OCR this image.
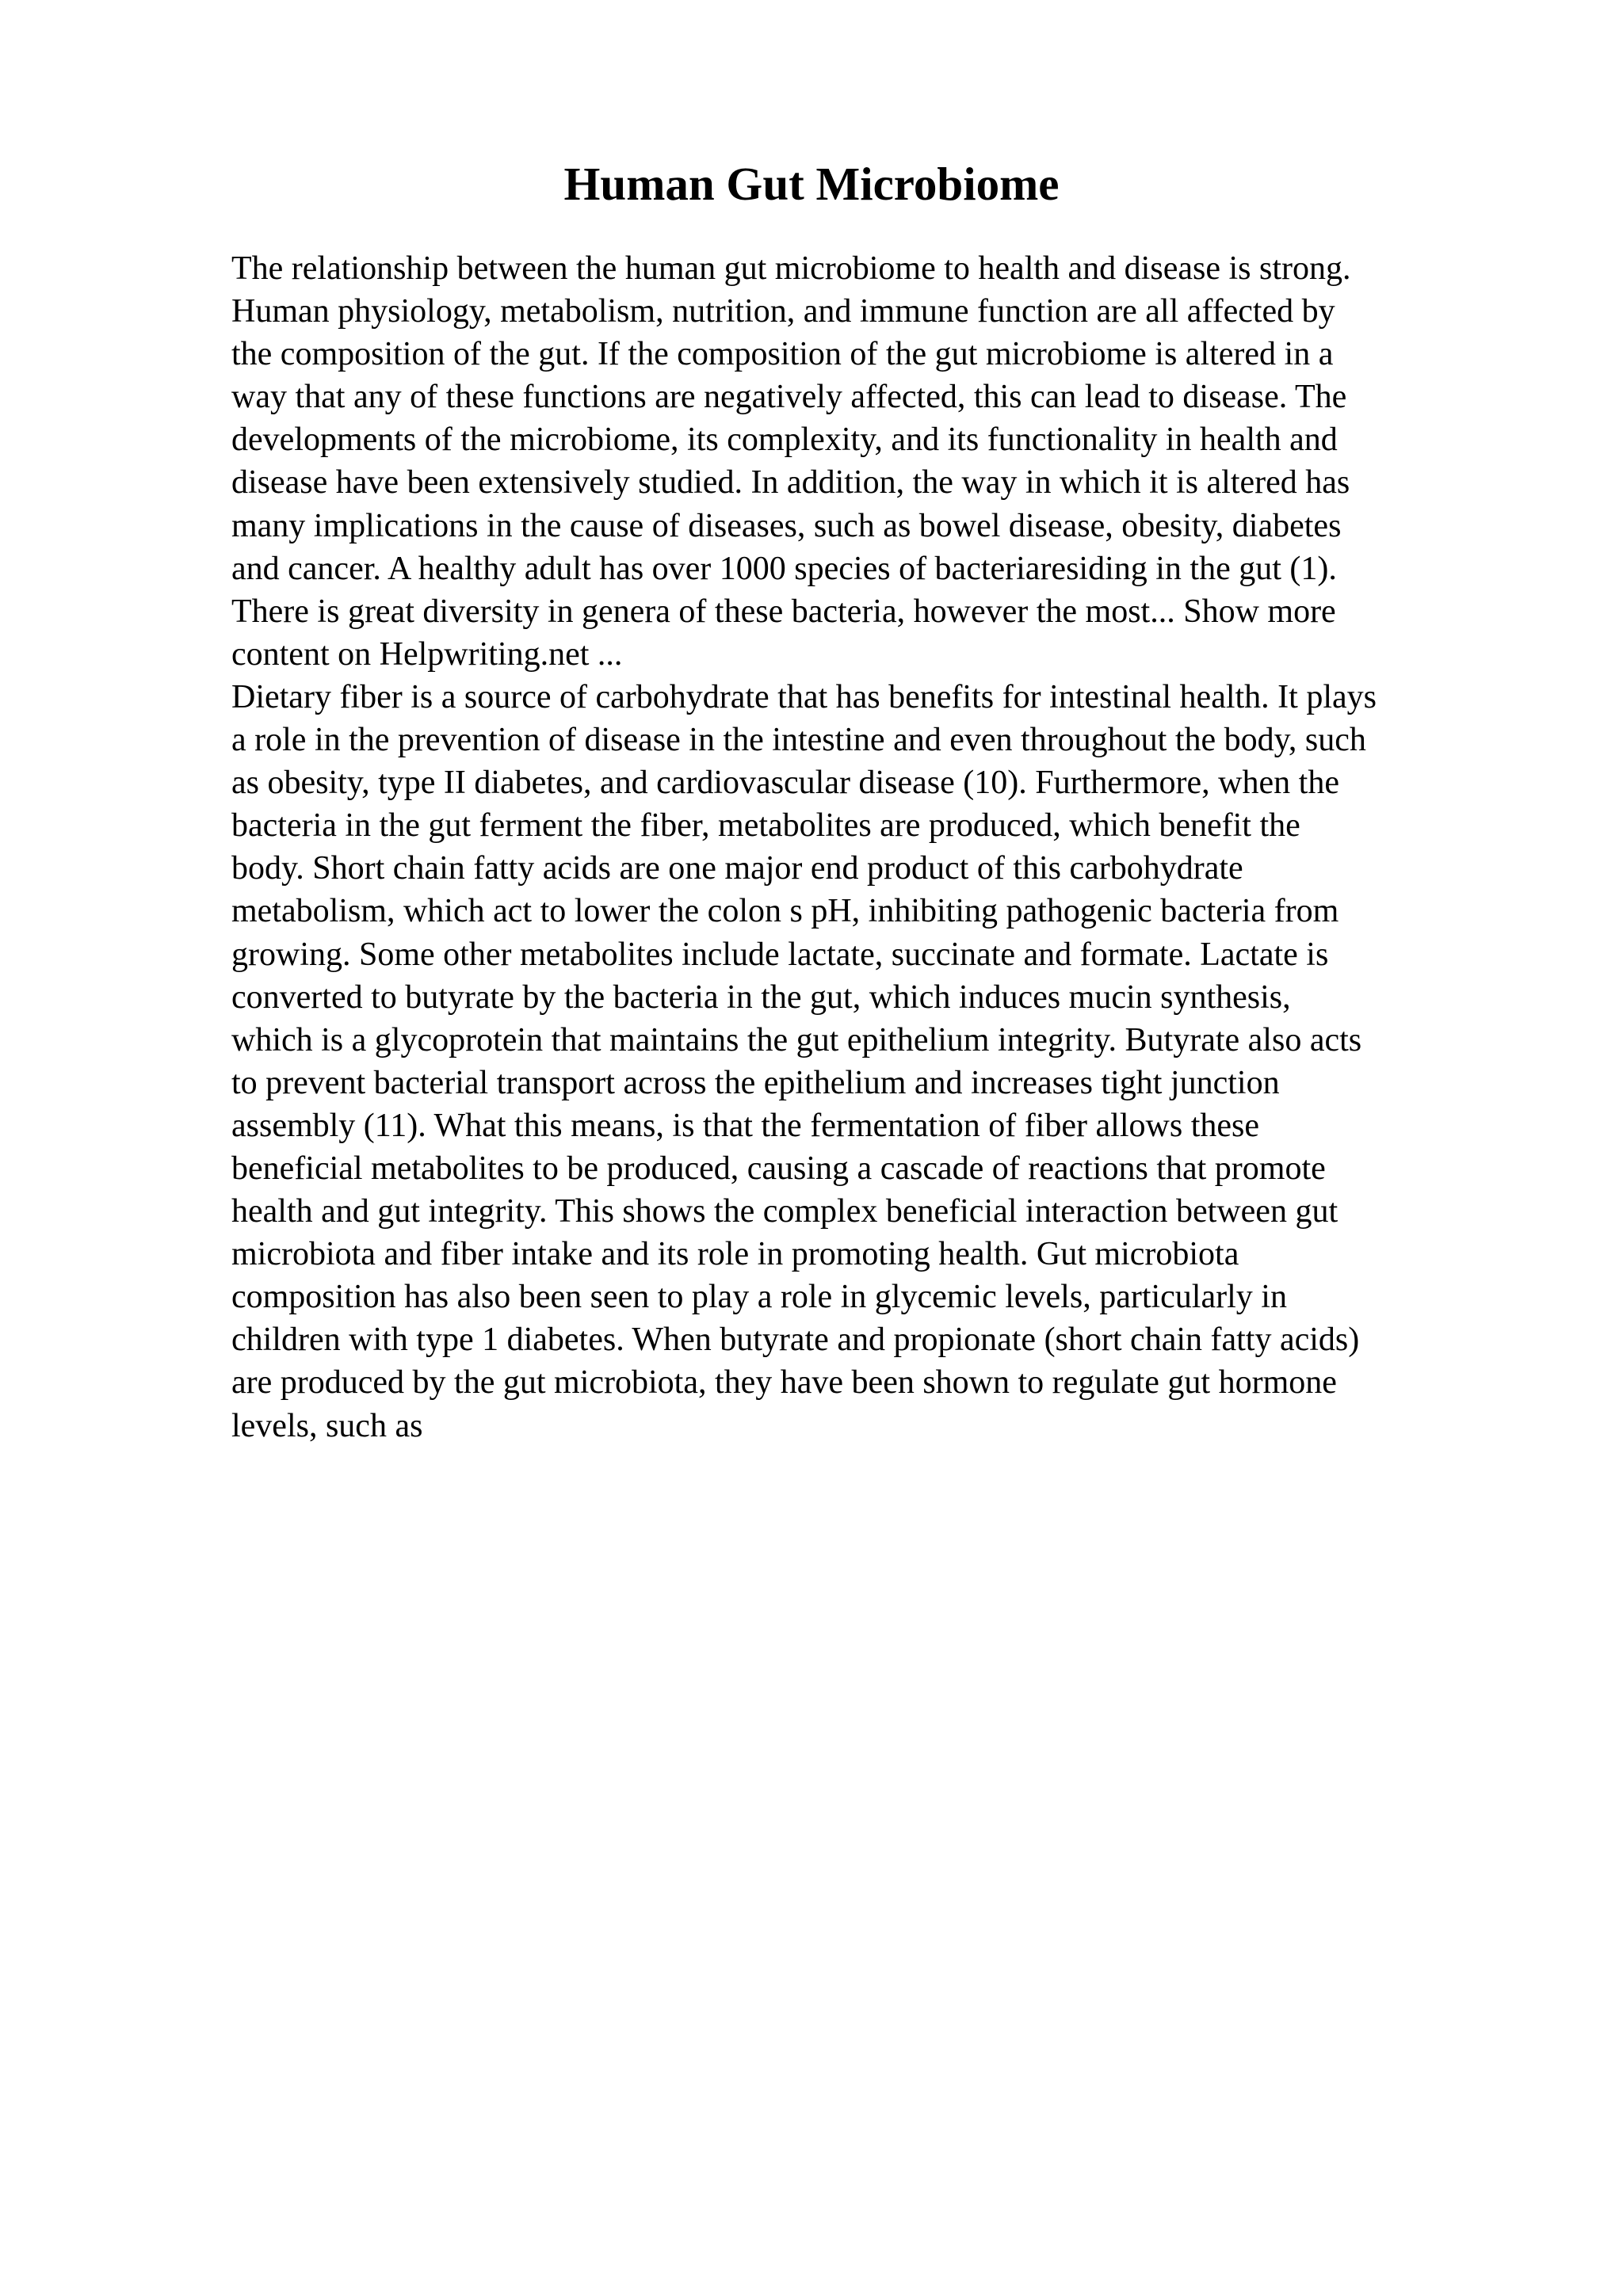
Human Gut Microbiome
The relationship between the human gut microbiome to health and disease is strong.
Human physiology, metabolism, nutrition, and immune function are all affected by
the composition of the gut. If the composition of the gut microbiome is altered in a
way that any of these functions are negatively affected, this can lead to disease. The
developments of the microbiome, its complexity, and its functionality in health and
disease have been extensively studied. In addition, the way in which it is altered has
many implications in the cause of diseases, such as bowel disease, obesity, diabetes
and cancer. A healthy adult has over 1000 species of bacteriaresiding in the gut (1).
There is great diversity in genera of these bacteria, however the most... Show more
content on Helpwriting.net ...
Dietary fiber is a source of carbohydrate that has benefits for intestinal health. It plays
a role in the prevention of disease in the intestine and even throughout the body, such
as obesity, type II diabetes, and cardiovascular disease (10). Furthermore, when the
bacteria in the gut ferment the fiber, metabolites are produced, which benefit the
body. Short chain fatty acids are one major end product of this carbohydrate
metabolism, which act to lower the colon s pH, inhibiting pathogenic bacteria from
growing. Some other metabolites include lactate, succinate and formate. Lactate is
converted to butyrate by the bacteria in the gut, which induces mucin synthesis,
which is a glycoprotein that maintains the gut epithelium integrity. Butyrate also acts
to prevent bacterial transport across the epithelium and increases tight junction
assembly (11). What this means, is that the fermentation of fiber allows these
beneficial metabolites to be produced, causing a cascade of reactions that promote
health and gut integrity. This shows the complex beneficial interaction between gut
microbiota and fiber intake and its role in promoting health. Gut microbiota
composition has also been seen to play a role in glycemic levels, particularly in
children with type 1 diabetes. When butyrate and propionate (short chain fatty acids)
are produced by the gut microbiota, they have been shown to regulate gut hormone
levels, such as
